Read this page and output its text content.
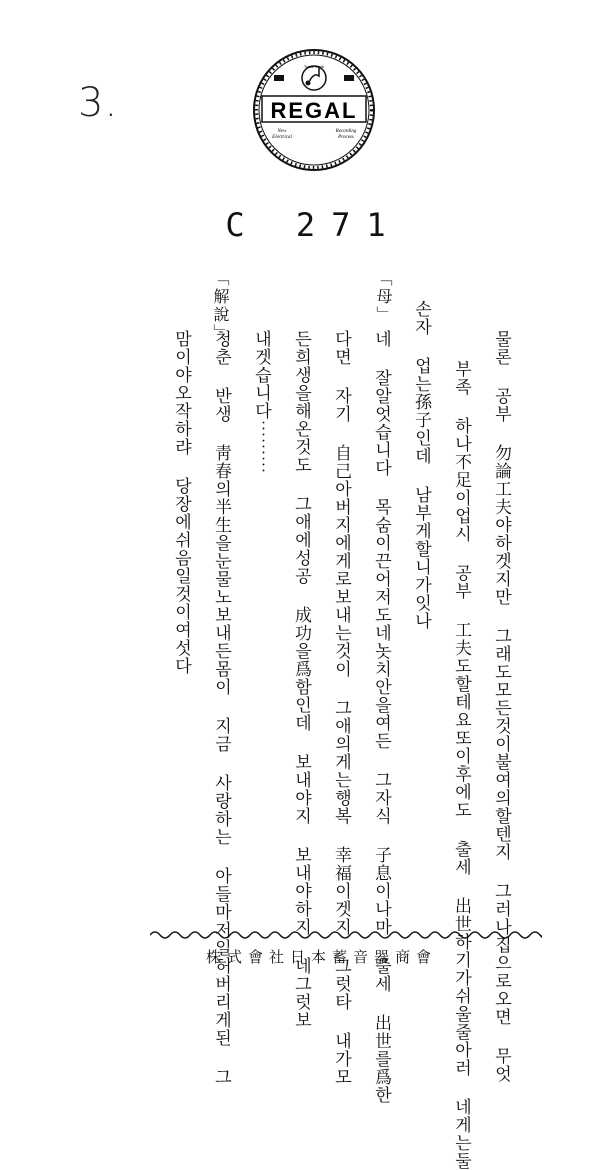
3.
Trade Mark
REGAL
New
Electrical
Recording
Process
C 271
「母」
「解說」
물론 공부 勿論工夫야하겟지만 그래도모든것이불여의할텐지 그러나집으로오면 무엇
부족 하나不足이업시 공부 工夫도할테요또이후에도 출세 出世하기가쉬울줄아러 네게는둘
손자 업는孫子인데 남부게할니가잇나
네 잘알엇습니다 목숨이끈어저도네놋치안을여든 그자식 子息이나마 출세 出世를爲한
다면 자기 自己아버지에게로보내는것이 그애의게는행복 幸福이겟지 그럿타 내가모
든희생을해온것도 그애에성공 成功을爲함인데 보내야지 보내야하지 네그럿보
내겟습니다⋯⋯⋯
청춘 반생 靑春의半生을눈물노보내든몸이 지금 사랑하는 아들마저일허버리게된 그
맘이야오작하랴 당장에쉬음일것이여섯다
株式會社日本蓄音器商會
